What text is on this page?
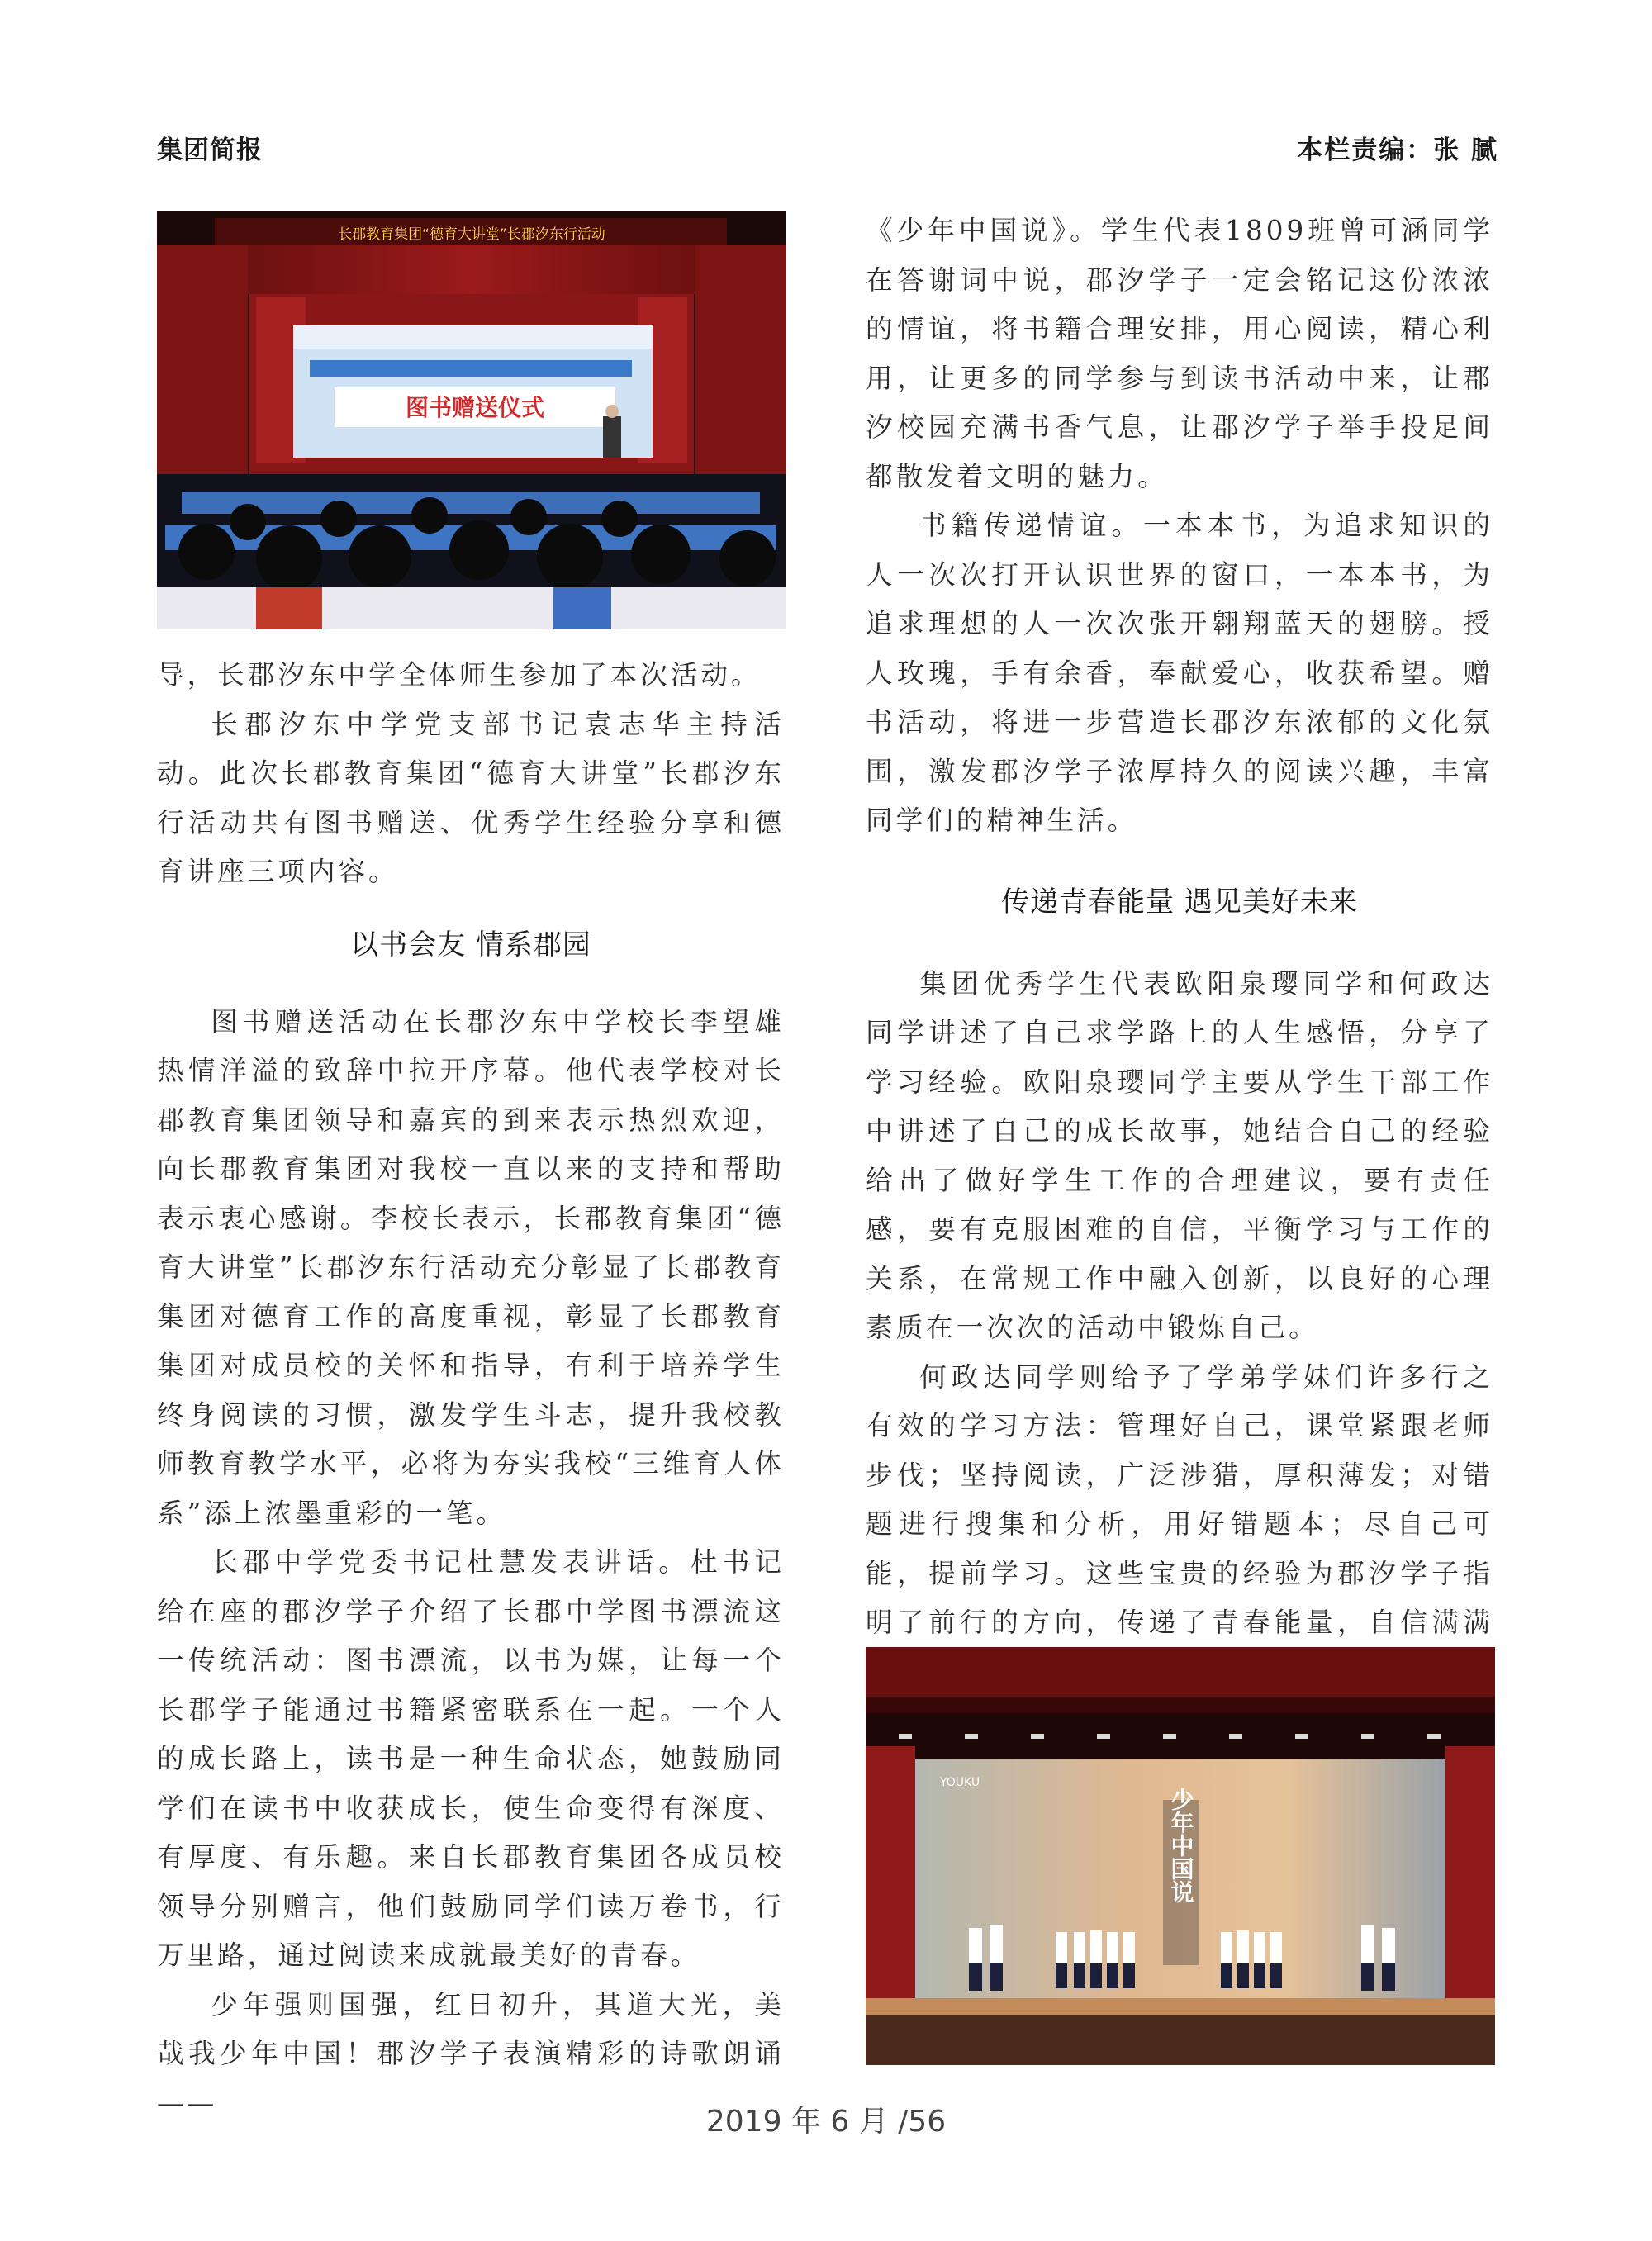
集团简报	本栏责编：张 腻
长郡教育集团“德育大讲堂”长郡汐东行活动
图书赠送仪式

导，长郡汐东中学全体师生参加了本次活动。

长郡汐东中学党支部书记袁志华主持活动。此次长郡教育集团“德育大讲堂”长郡汐东行活动共有图书赠送、优秀学生经验分享和德育讲座三项内容。

以书会友 情系郡园

图书赠送活动在长郡汐东中学校长李望雄热情洋溢的致辞中拉开序幕。他代表学校对长郡教育集团领导和嘉宾的到来表示热烈欢迎，向长郡教育集团对我校一直以来的支持和帮助表示衷心感谢。李校长表示，长郡教育集团“德育大讲堂”长郡汐东行活动充分彰显了长郡教育集团对德育工作的高度重视，彰显了长郡教育集团对成员校的关怀和指导，有利于培养学生终身阅读的习惯，激发学生斗志，提升我校教师教育教学水平，必将为夯实我校“三维育人体系”添上浓墨重彩的一笔。

长郡中学党委书记杜慧发表讲话。杜书记给在座的郡汐学子介绍了长郡中学图书漂流这一传统活动：图书漂流，以书为媒，让每一个长郡学子能通过书籍紧密联系在一起。一个人的成长路上，读书是一种生命状态，她鼓励同学们在读书中收获成长，使生命变得有深度、有厚度、有乐趣。来自长郡教育集团各成员校领导分别赠言，他们鼓励同学们读万卷书，行万里路，通过阅读来成就最美好的青春。

少年强则国强，红日初升，其道大光，美哉我少年中国！郡汐学子表演精彩的诗歌朗诵——

《少年中国说》。学生代表1809班曾可涵同学在答谢词中说，郡汐学子一定会铭记这份浓浓的情谊，将书籍合理安排，用心阅读，精心利用，让更多的同学参与到读书活动中来，让郡汐校园充满书香气息，让郡汐学子举手投足间都散发着文明的魅力。

书籍传递情谊。一本本书，为追求知识的人一次次打开认识世界的窗口，一本本书，为追求理想的人一次次张开翱翔蓝天的翅膀。授人玫瑰，手有余香，奉献爱心，收获希望。赠书活动，将进一步营造长郡汐东浓郁的文化氛围，激发郡汐学子浓厚持久的阅读兴趣，丰富同学们的精神生活。

传递青春能量 遇见美好未来

集团优秀学生代表欧阳泉璎同学和何政达同学讲述了自己求学路上的人生感悟，分享了学习经验。欧阳泉璎同学主要从学生干部工作中讲述了自己的成长故事，她结合自己的经验给出了做好学生工作的合理建议，要有责任感，要有克服困难的自信，平衡学习与工作的关系，在常规工作中融入创新，以良好的心理素质在一次次的活动中锻炼自己。

何政达同学则给予了学弟学妹们许多行之有效的学习方法：管理好自己，课堂紧跟老师步伐；坚持阅读，广泛涉猎，厚积薄发；对错题进行搜集和分析，用好错题本；尽自己可能，提前学习。这些宝贵的经验为郡汐学子指明了前行的方向，传递了青春能量，自信满满

少年中国说
YOUKU
2019 年 6 月 /56
